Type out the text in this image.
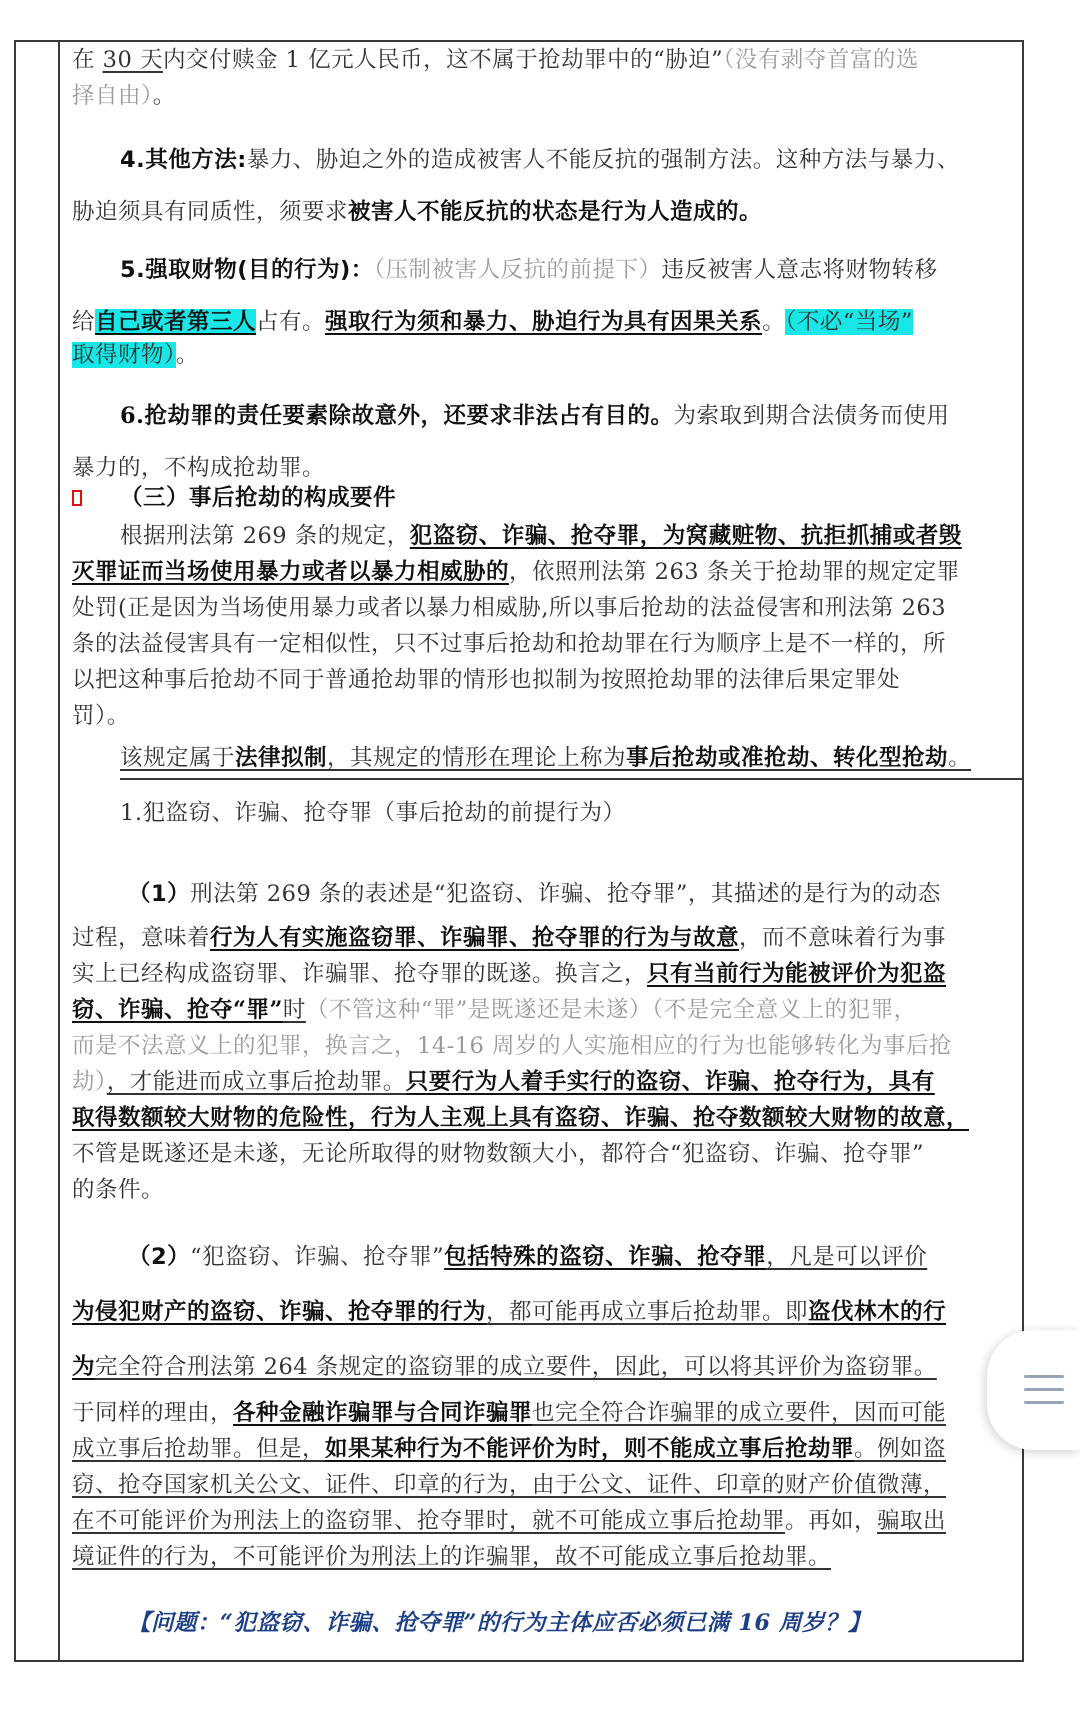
在 30 天内交付赎金 1 亿元人民币，这不属于抢劫罪中的“胁迫”（没有剥夺首富的选
择自由）。

4.其他方法:暴力、胁迫之外的造成被害人不能反抗的强制方法。这种方法与暴力、
胁迫须具有同质性，须要求被害人不能反抗的状态是行为人造成的。

5.强取财物(目的行为)：（压制被害人反抗的前提下）违反被害人意志将财物转移
给自己或者第三人占有。强取行为须和暴力、胁迫行为具有因果关系。（不必“当场”

取得财物）。

6.抢劫罪的责任要素除故意外，还要求非法占有目的。为索取到期合法债务而使用
暴力的，不构成抢劫罪。

（三）事后抢劫的构成要件

根据刑法第 269 条的规定，犯盗窃、诈骗、抢夺罪，为窝藏赃物、抗拒抓捕或者毁
灭罪证而当场使用暴力或者以暴力相威胁的，依照刑法第 263 条关于抢劫罪的规定定罪
处罚(正是因为当场使用暴力或者以暴力相威胁,所以事后抢劫的法益侵害和刑法第 263
条的法益侵害具有一定相似性，只不过事后抢劫和抢劫罪在行为顺序上是不一样的，所
以把这种事后抢劫不同于普通抢劫罪的情形也拟制为按照抢劫罪的法律后果定罪处
罚）。

该规定属于法律拟制，其规定的情形在理论上称为事后抢劫或准抢劫、转化型抢劫。

1.犯盗窃、诈骗、抢夺罪（事后抢劫的前提行为）

（1）刑法第 269 条的表述是“犯盗窃、诈骗、抢夺罪”，其描述的是行为的动态

过程，意味着行为人有实施盗窃罪、诈骗罪、抢夺罪的行为与故意，而不意味着行为事
实上已经构成盗窃罪、诈骗罪、抢夺罪的既遂。换言之，只有当前行为能被评价为犯盗
窃、诈骗、抢夺“罪”时（不管这种“罪”是既遂还是未遂）（不是完全意义上的犯罪，
而是不法意义上的犯罪，换言之，14-16 周岁的人实施相应的行为也能够转化为事后抢
劫），才能进而成立事后抢劫罪。只要行为人着手实行的盗窃、诈骗、抢夺行为，具有
取得数额较大财物的危险性，行为人主观上具有盗窃、诈骗、抢夺数额较大财物的故意，
不管是既遂还是未遂，无论所取得的财物数额大小，都符合“犯盗窃、诈骗、抢夺罪”
的条件。

（2）“犯盗窃、诈骗、抢夺罪”包括特殊的盗窃、诈骗、抢夺罪，凡是可以评价
为侵犯财产的盗窃、诈骗、抢夺罪的行为，都可能再成立事后抢劫罪。即盗伐林木的行
为完全符合刑法第 264 条规定的盗窃罪的成立要件，因此，可以将其评价为盗窃罪。

于同样的理由，各种金融诈骗罪与合同诈骗罪也完全符合诈骗罪的成立要件，因而可能
成立事后抢劫罪。但是，如果某种行为不能评价为时，则不能成立事后抢劫罪。例如盗
窃、抢夺国家机关公文、证件、印章的行为，由于公文、证件、印章的财产价值微薄，
在不可能评价为刑法上的盗窃罪、抢夺罪时，就不可能成立事后抢劫罪。再如，骗取出
境证件的行为，不可能评价为刑法上的诈骗罪，故不可能成立事后抢劫罪。

【问题：“犯盗窃、诈骗、抢夺罪”的行为主体应否必须已满 16 周岁？】
